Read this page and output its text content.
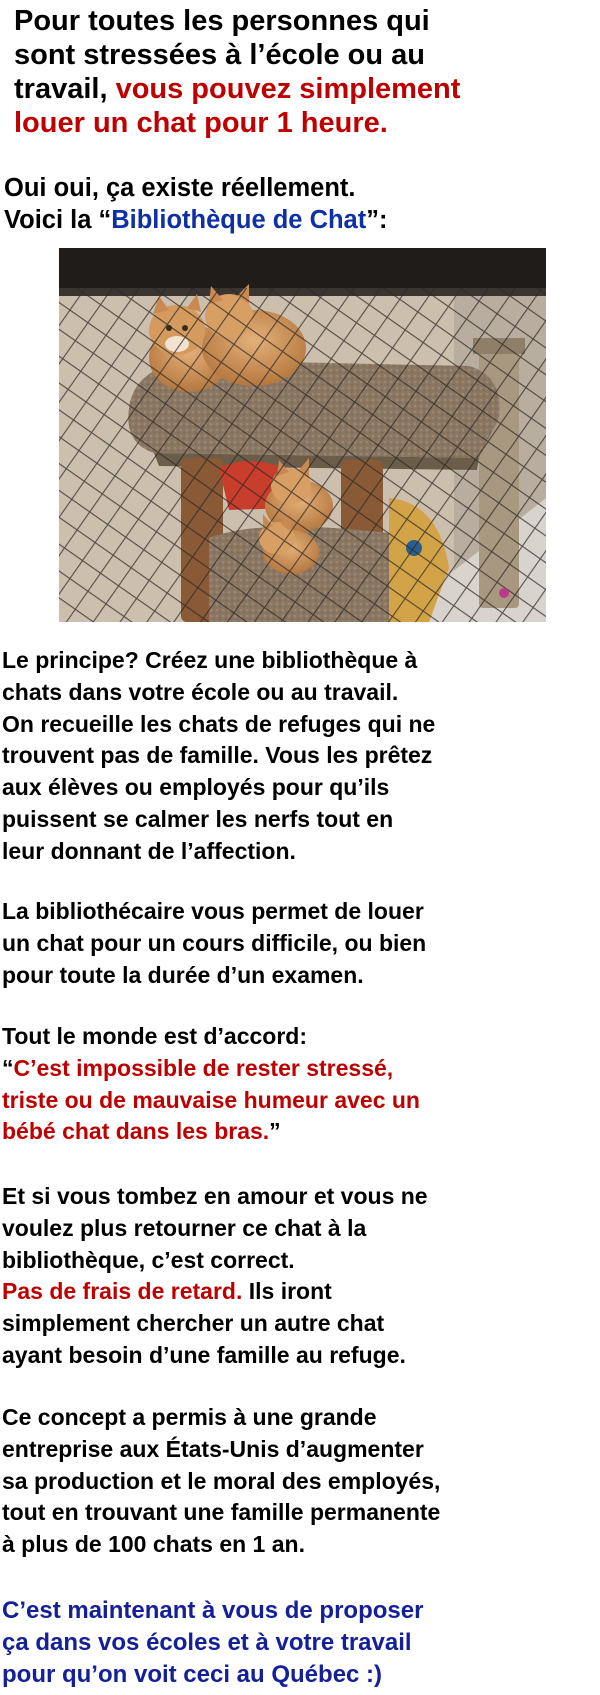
Pour toutes les personnes qui
sont stressées à l’école ou au
travail, vous pouvez simplement
louer un chat pour 1 heure.

Oui oui, ça existe réellement.

Voici la “Bibliothèque de Chat”:

Le principe? Créez une bibliothèque à
chats dans votre école ou au travail.
On recueille les chats de refuges qui ne
trouvent pas de famille. Vous les prêtez
aux élèves ou employés pour qu’ils
puissent se calmer les nerfs tout en
leur donnant de l’affection.

La bibliothécaire vous permet de louer
un chat pour un cours difficile, ou bien
pour toute la durée d’un examen.

Tout le monde est d’accord:

“C’est impossible de rester stressé,
triste ou de mauvaise humeur avec un
bébé chat dans les bras.”

Et si vous tombez en amour et vous ne
voulez plus retourner ce chat à la
bibliothèque, c’est correct.

Pas de frais de retard. Ils iront
simplement chercher un autre chat
ayant besoin d’une famille au refuge.

Ce concept a permis à une grande
entreprise aux États-Unis d’augmenter
sa production et le moral des employés,
tout en trouvant une famille permanente
à plus de 100 chats en 1 an.

C’est maintenant à vous de proposer
ça dans vos écoles et à votre travail
pour qu’on voit ceci au Québec :)
